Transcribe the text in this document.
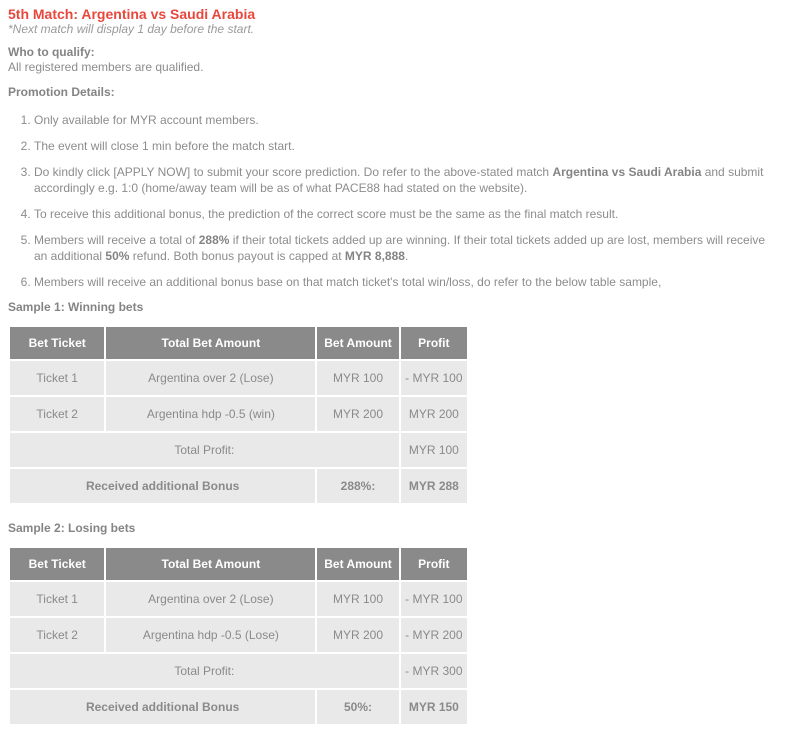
5th Match: Argentina vs Saudi Arabia

*Next match will display 1 day before the start.

Who to qualify:

All registered members are qualified.

Promotion Details:

1. Only available for MYR account members.
2. The event will close 1 min before the match start.
3. Do kindly click [APPLY NOW] to submit your score prediction. Do refer to the above-stated match Argentina vs Saudi Arabia and submit accordingly e.g. 1:0 (home/away team will be as of what PACE88 had stated on the website).
4. To receive this additional bonus, the prediction of the correct score must be the same as the final match result.
5. Members will receive a total of 288% if their total tickets added up are winning. If their total tickets added up are lost, members will receive an additional 50% refund. Both bonus payout is capped at MYR 8,888.
6. Members will receive an additional bonus base on that match ticket's total win/loss, do refer to the below table sample,

Sample 1: Winning bets

Bet Ticket	Total Bet Amount	Bet Amount	Profit
Ticket 1	Argentina over 2 (Lose)	MYR 100	- MYR 100
Ticket 2	Argentina hdp -0.5 (win)	MYR 200	MYR 200
Total Profit:			MYR 100
Received additional Bonus		288%:	MYR 288

Sample 2: Losing bets

Bet Ticket	Total Bet Amount	Bet Amount	Profit
Ticket 1	Argentina over 2 (Lose)	MYR 100	- MYR 100
Ticket 2	Argentina hdp -0.5 (Lose)	MYR 200	- MYR 200
Total Profit:			- MYR 300
Received additional Bonus		50%:	MYR 150
